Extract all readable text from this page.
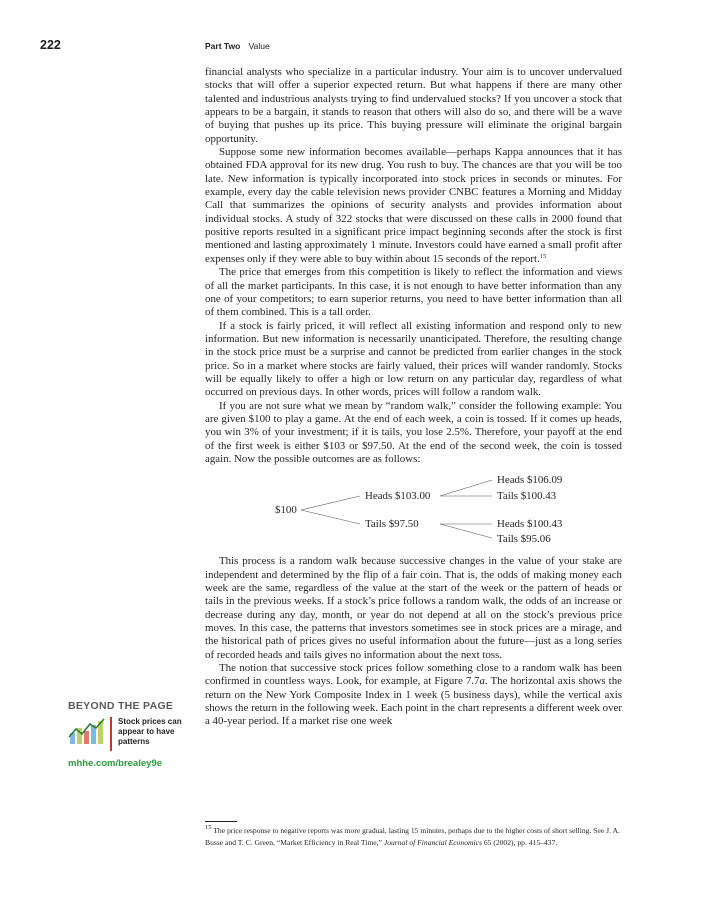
222	Part Two Value

financial analysts who specialize in a particular industry. Your aim is to uncover undervalued stocks that will offer a superior expected return. But what happens if there are many other talented and industrious analysts trying to find undervalued stocks? If you uncover a stock that appears to be a bargain, it stands to reason that others will also do so, and there will be a wave of buying that pushes up its price. This buying pressure will eliminate the original bargain opportunity.

Suppose some new information becomes available—perhaps Kappa announces that it has obtained FDA approval for its new drug. You rush to buy. The chances are that you will be too late. New information is typically incorporated into stock prices in seconds or minutes. For example, every day the cable television news provider CNBC features a Morning and Midday Call that summarizes the opinions of security analysts and provides information about individual stocks. A study of 322 stocks that were discussed on these calls in 2000 found that positive reports resulted in a significant price impact beginning seconds after the stock is first mentioned and lasting approximately 1 minute. Investors could have earned a small profit after expenses only if they were able to buy within about 15 seconds of the report.$^{15}$

The price that emerges from this competition is likely to reflect the information and views of all the market participants. In this case, it is not enough to have better information than any one of your competitors; to earn superior returns, you need to have better information than all of them combined. This is a tall order.

If a stock is fairly priced, it will reflect all existing information and respond only to new information. But new information is necessarily unanticipated. Therefore, the resulting change in the stock price must be a surprise and cannot be predicted from earlier changes in the stock price. So in a market where stocks are fairly valued, their prices will wander randomly. Stocks will be equally likely to offer a high or low return on any particular day, regardless of what occurred on previous days. In other words, prices will follow a random walk.

If you are not sure what we mean by “random walk,” consider the following example: You are given $100 to play a game. At the end of each week, a coin is tossed. If it comes up heads, you win 3% of your investment; if it is tails, you lose 2.5%. Therefore, your payoff at the end of the first week is either $103 or $97.50. At the end of the second week, the coin is tossed again. Now the possible outcomes are as follows:

$100
Heads $103.00
Tails $97.50
Heads $106.09
Tails $100.43
Heads $100.43
Tails $95.06

This process is a random walk because successive changes in the value of your stake are independent and determined by the flip of a fair coin. That is, the odds of making money each week are the same, regardless of the value at the start of the week or the pattern of heads or tails in the previous weeks. If a stock’s price follows a random walk, the odds of an increase or decrease during any day, month, or year do not depend at all on the stock’s previous price moves. In this case, the patterns that investors sometimes see in stock prices are a mirage, and the historical path of prices gives no useful information about the future—just as a long series of recorded heads and tails gives no information about the next toss.

The notion that successive stock prices follow something close to a random walk has been confirmed in countless ways. Look, for example, at Figure 7.7a. The horizontal axis shows the return on the New York Composite Index in 1 week (5 business days), while the vertical axis shows the return in the following week. Each point in the chart represents a different week over a 40-year period. If a market rise one week

BEYOND THE PAGE
Stock prices can
appear to have
patterns
mhhe.com/brealey9e
$^{15}$ The price response to negative reports was more gradual, lasting 15 minutes, perhaps due to the higher costs of short selling. See J. A. Busse and T. C. Green, “Market Efficiency in Real Time,” Journal of Financial Economics 65 (2002), pp. 415–437.
